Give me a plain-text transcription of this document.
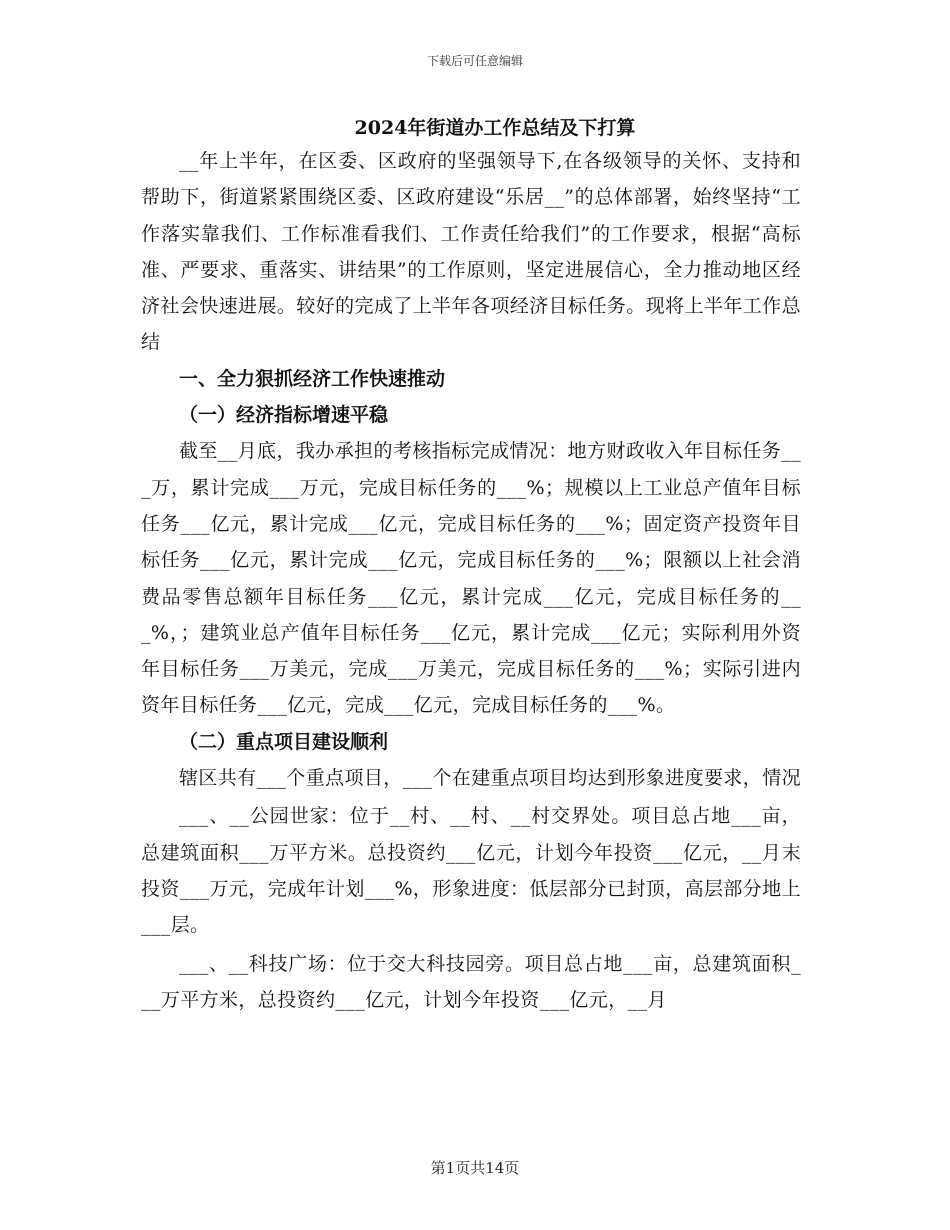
下载后可任意编辑
2024年街道办工作总结及下打算

__年上半年，在区委、区政府的坚强领导下,在各级领导的关怀、支持和帮助下，街道紧紧围绕区委、区政府建设“乐居__”的总体部署，始终坚持“工作落实靠我们、工作标准看我们、工作责任给我们”的工作要求，根据“高标准、严要求、重落实、讲结果”的工作原则，坚定进展信心，全力推动地区经济社会快速进展。较好的完成了上半年各项经济目标任务。现将上半年工作总结

一、全力狠抓经济工作快速推动

（一）经济指标增速平稳

截至__月底，我办承担的考核指标完成情况：地方财政收入年目标任务___万，累计完成___万元，完成目标任务的___%；规模以上工业总产值年目标任务___亿元，累计完成___亿元，完成目标任务的___%；固定资产投资年目标任务___亿元，累计完成___亿元，完成目标任务的___%；限额以上社会消费品零售总额年目标任务___亿元，累计完成___亿元，完成目标任务的___%，；建筑业总产值年目标任务___亿元，累计完成___亿元；实际利用外资年目标任务___万美元，完成___万美元，完成目标任务的___%；实际引进内资年目标任务___亿元，完成___亿元，完成目标任务的___%。

（二）重点项目建设顺利

辖区共有___个重点项目，___个在建重点项目均达到形象进度要求，情况

___、__公园世家：位于__村、__村、__村交界处。项目总占地___亩，总建筑面积___万平方米。总投资约___亿元，计划今年投资___亿元，__月末投资___万元，完成年计划___%，形象进度：低层部分已封顶，高层部分地上___层。

___、__科技广场：位于交大科技园旁。项目总占地___亩，总建筑面积___万平方米，总投资约___亿元，计划今年投资___亿元，__月

第1页共14页
